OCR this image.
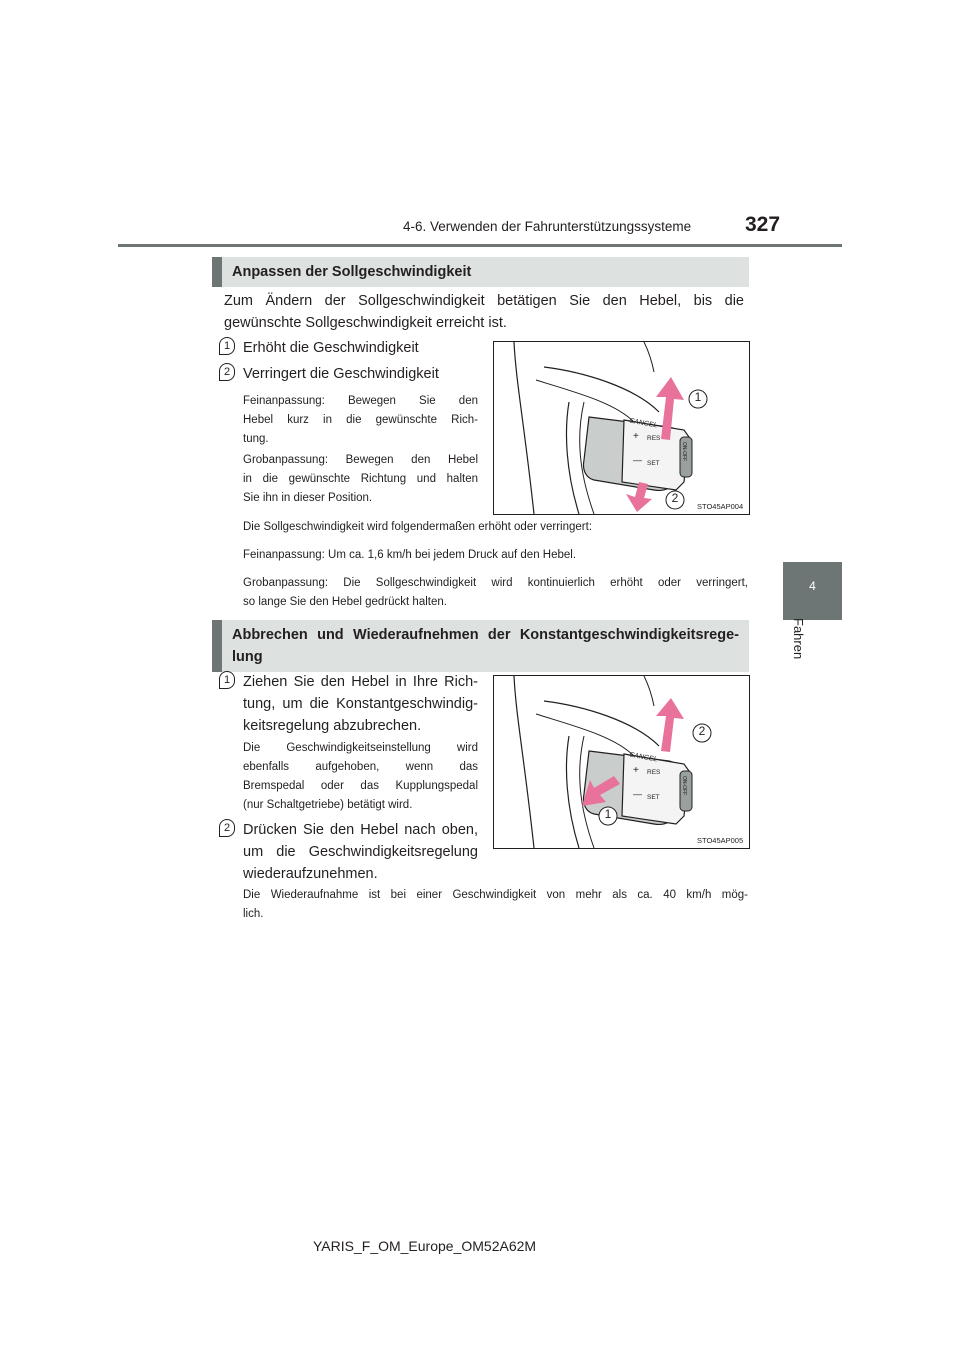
4-6. Verwenden der Fahrunterstützungssysteme	327
4
Fahren
Anpassen der Sollgeschwindigkeit
Zum Ändern der Sollgeschwindigkeit betätigen Sie den Hebel, bis die
gewünschte Sollgeschwindigkeit erreicht ist.
1 Erhöht die Geschwindigkeit
2 Verringert die Geschwindigkeit
Feinanpassung: Bewegen Sie den
Hebel kurz in die gewünschte Rich-
tung.
Grobanpassung: Bewegen den Hebel
in die gewünschte Richtung und halten
Sie ihn in dieser Position.
1
2
CANCEL
+ RES
— SET
ON-OFF
STO45AP004
Die Sollgeschwindigkeit wird folgendermaßen erhöht oder verringert:
Feinanpassung: Um ca. 1,6 km/h bei jedem Druck auf den Hebel.
Grobanpassung: Die Sollgeschwindigkeit wird kontinuierlich erhöht oder verringert,
so lange Sie den Hebel gedrückt halten.
Abbrechen und Wiederaufnehmen der Konstantgeschwindigkeitsrege-
lung
1 Ziehen Sie den Hebel in Ihre Rich-
tung, um die Konstantgeschwindig-
keitsregelung abzubrechen.
Die Geschwindigkeitseinstellung wird
ebenfalls aufgehoben, wenn das
Bremspedal oder das Kupplungspedal
(nur Schaltgetriebe) betätigt wird.
2 Drücken Sie den Hebel nach oben,
um die Geschwindigkeitsregelung
wiederaufzunehmen.
2
1
CANCEL
+ RES
— SET
ON-OFF
STO45AP005
Die Wiederaufnahme ist bei einer Geschwindigkeit von mehr als ca. 40 km/h mög-
lich.
YARIS_F_OM_Europe_OM52A62M
